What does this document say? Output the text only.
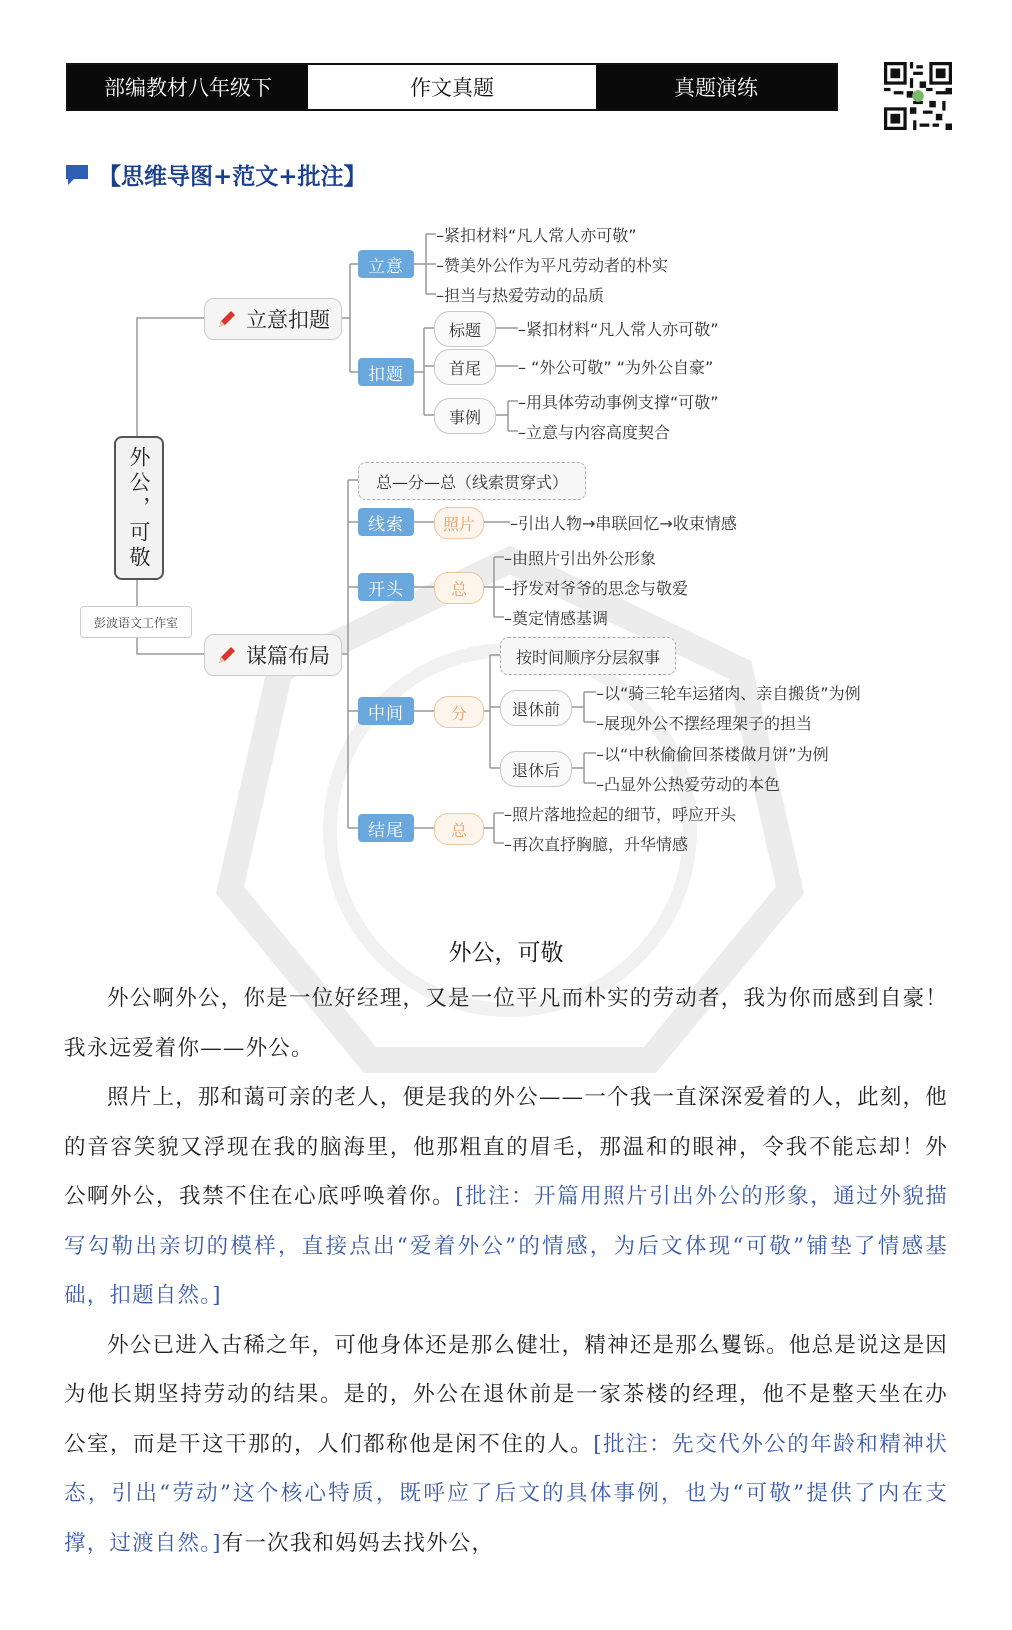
部编教材八年级下	作文真题	真题演练
【思维导图+范文+批注】
外公，可敬
彭波语文工作室
立意扣题
谋篇布局
立意
–紧扣材料“凡人常人亦可敬”
–赞美外公作为平凡劳动者的朴实
–担当与热爱劳动的品质
扣题
标题	–紧扣材料“凡人常人亦可敬”
首尾	– “外公可敬” “为外公自豪”
事例
–用具体劳动事例支撑“可敬”
–立意与内容高度契合
总—分—总（线索贯穿式）
线索	照片	–引出人物→串联回忆→收束情感
开头	总
–由照片引出外公形象
–抒发对爷爷的思念与敬爱
–奠定情感基调
中间	分
按时间顺序分层叙事
退休前
–以“骑三轮车运猪肉、亲自搬货”为例
–展现外公不摆经理架子的担当
退休后
–以“中秋偷偷回茶楼做月饼”为例
–凸显外公热爱劳动的本色
结尾	总
–照片落地捡起的细节，呼应开头
–再次直抒胸臆，升华情感
外公，可敬

外公啊外公，你是一位好经理，又是一位平凡而朴实的劳动者，我为你而感到自豪！我永远爱着你——外公。

照片上，那和蔼可亲的老人，便是我的外公——一个我一直深深爱着的人，此刻，他的音容笑貌又浮现在我的脑海里，他那粗直的眉毛，那温和的眼神，令我不能忘却！外公啊外公，我禁不住在心底呼唤着你。[批注：开篇用照片引出外公的形象，通过外貌描写勾勒出亲切的模样，直接点出“爱着外公”的情感，为后文体现“可敬”铺垫了情感基础，扣题自然。]

外公已进入古稀之年，可他身体还是那么健壮，精神还是那么矍铄。他总是说这是因为他长期坚持劳动的结果。是的，外公在退休前是一家茶楼的经理，他不是整天坐在办公室，而是干这干那的，人们都称他是闲不住的人。[批注：先交代外公的年龄和精神状态，引出“劳动”这个核心特质，既呼应了后文的具体事例，也为“可敬”提供了内在支撑，过渡自然。]有一次我和妈妈去找外公，
